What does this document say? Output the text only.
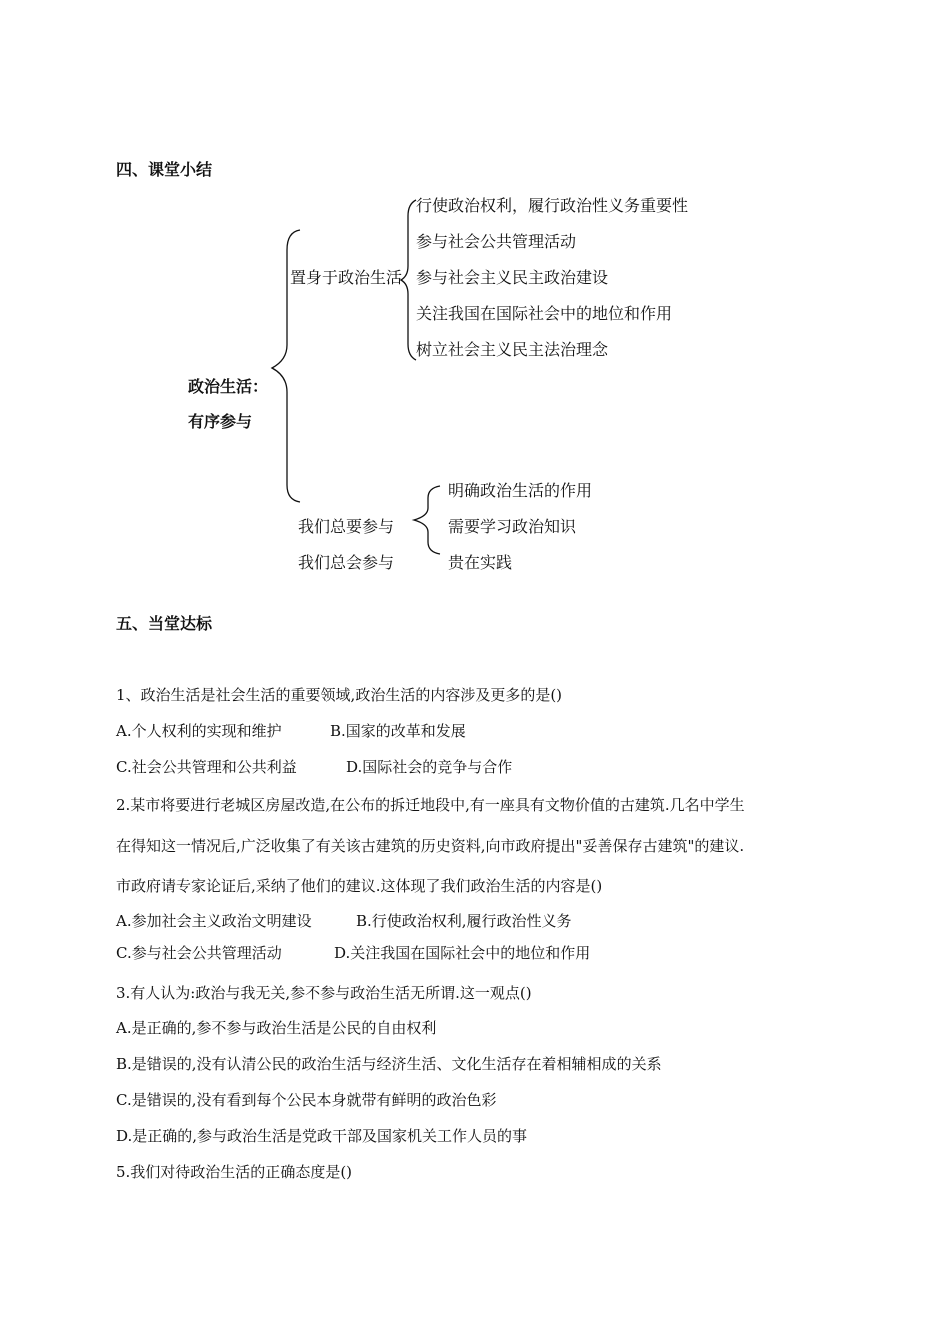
四、课堂小结
政治生活：
有序参与
置身于政治生活
行使政治权利，履行政治性义务重要性
参与社会公共管理活动
参与社会主义民主政治建设
关注我国在国际社会中的地位和作用
树立社会主义民主法治理念
我们总要参与
我们总会参与
明确政治生活的作用
需要学习政治知识
贵在实践
五、当堂达标
1、政治生活是社会生活的重要领域,政治生活的内容涉及更多的是()
A.个人权利的实现和维护	B.国家的改革和发展
C.社会公共管理和公共利益	D.国际社会的竞争与合作
2.某市将要进行老城区房屋改造,在公布的拆迁地段中,有一座具有文物价值的古建筑.几名中学生
在得知这一情况后,广泛收集了有关该古建筑的历史资料,向市政府提出"妥善保存古建筑"的建议.
市政府请专家论证后,采纳了他们的建议.这体现了我们政治生活的内容是()
A.参加社会主义政治文明建设	B.行使政治权利,履行政治性义务
C.参与社会公共管理活动	D.关注我国在国际社会中的地位和作用
3.有人认为:政治与我无关,参不参与政治生活无所谓.这一观点()
A.是正确的,参不参与政治生活是公民的自由权利
B.是错误的,没有认清公民的政治生活与经济生活、文化生活存在着相辅相成的关系
C.是错误的,没有看到每个公民本身就带有鲜明的政治色彩
D.是正确的,参与政治生活是党政干部及国家机关工作人员的事
5.我们对待政治生活的正确态度是()
